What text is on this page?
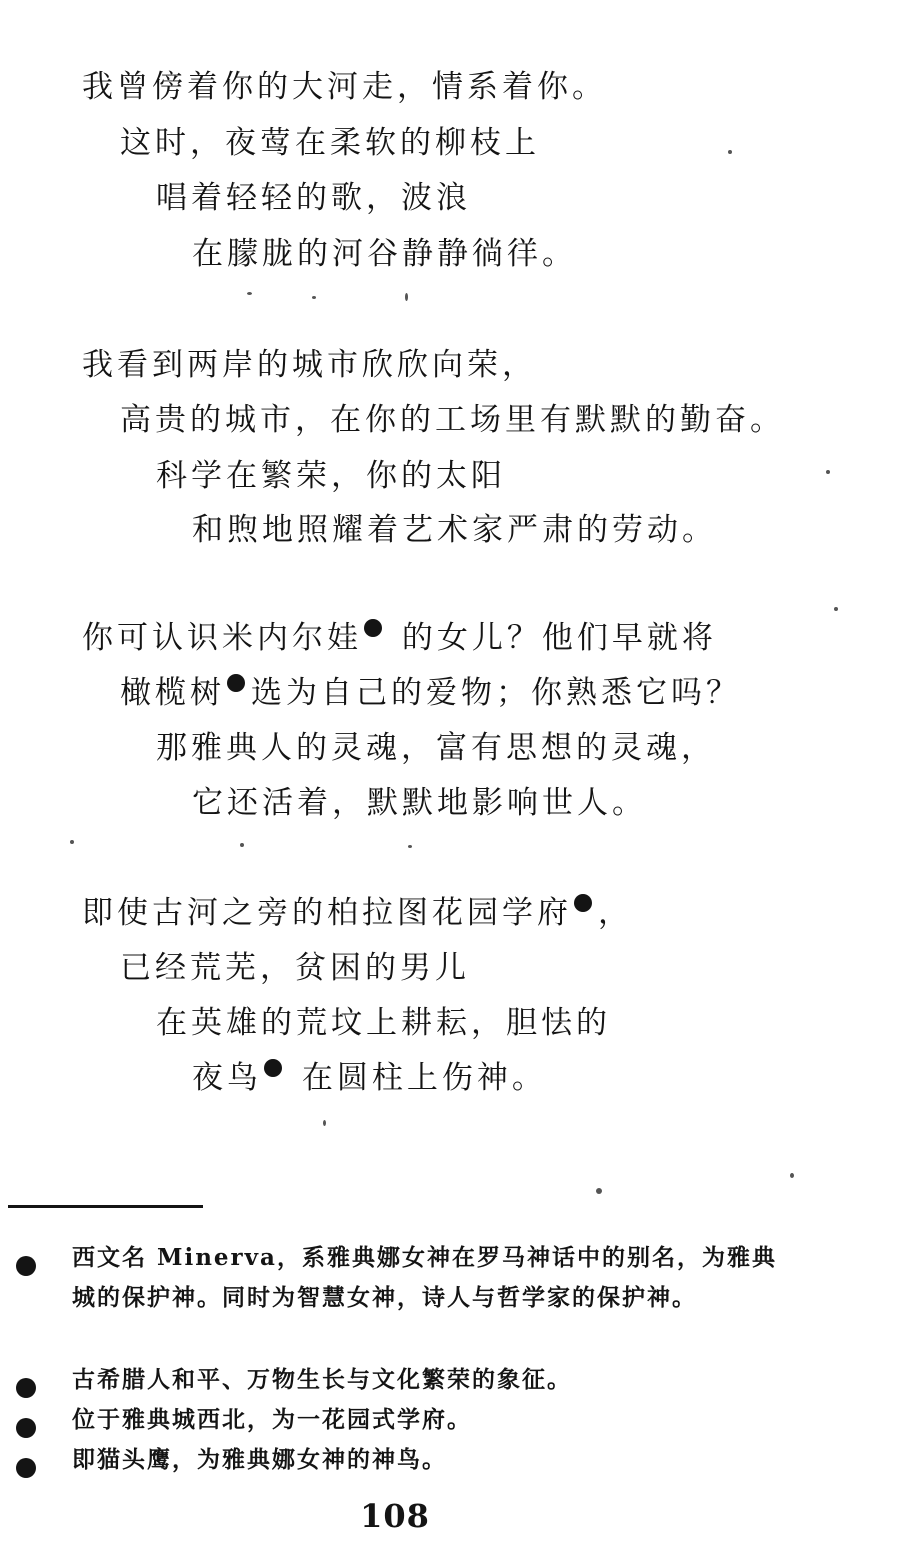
我曾傍着你的大河走，情系着你。
这时，夜莺在柔软的柳枝上
唱着轻轻的歌，波浪
在朦胧的河谷静静徜徉。
我看到两岸的城市欣欣向荣，
高贵的城市，在你的工场里有默默的勤奋。
科学在繁荣，你的太阳
和煦地照耀着艺术家严肃的劳动。
你可认识米内尔娃 的女儿？他们早就将
橄榄树 选为自己的爱物；你熟悉它吗？
那雅典人的灵魂，富有思想的灵魂，
它还活着，默默地影响世人。
即使古河之旁的柏拉图花园学府 ，
已经荒芜，贫困的男儿
在英雄的荒坟上耕耘，胆怯的
夜鸟 在圆柱上伤神。
西文名 Minerva，系雅典娜女神在罗马神话中的别名，为雅典城的保护神。同时为智慧女神，诗人与哲学家的保护神。
古希腊人和平、万物生长与文化繁荣的象征。
位于雅典城西北，为一花园式学府。
即猫头鹰，为雅典娜女神的神鸟。
108
